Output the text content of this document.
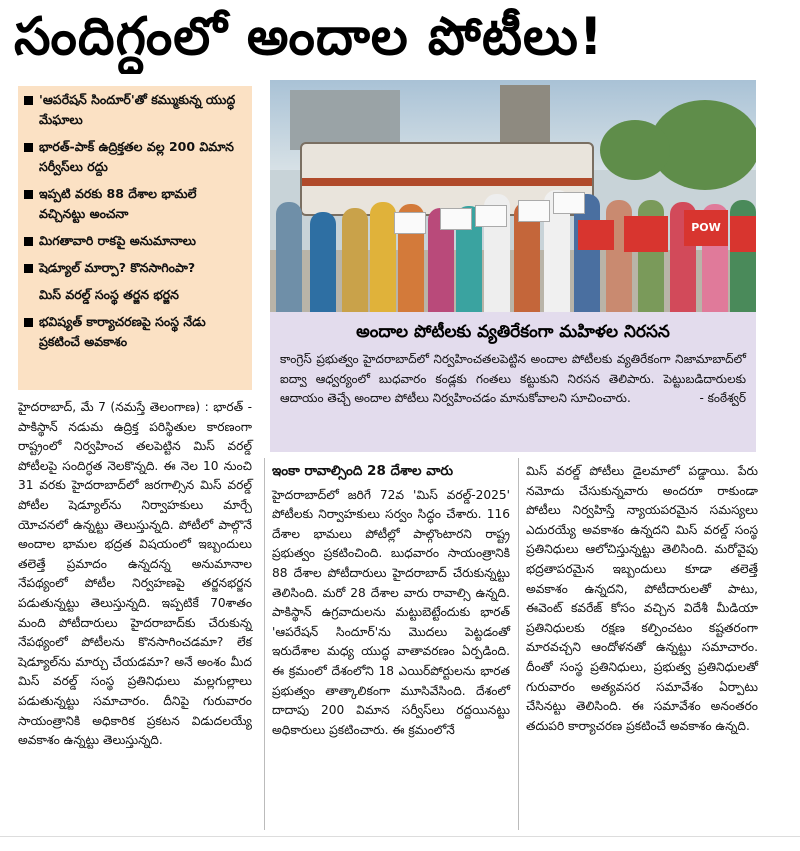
సందిగ్ధంలో అందాల పోటీలు!
'ఆపరేషన్ సిందూర్'తో కమ్ముకున్న యుద్ధ మేఘాలు
భారత్-పాక్ ఉద్రిక్తతల వల్ల 200 విమాన సర్వీస్‌లు రద్దు
ఇప్పటి వరకు 88 దేశాల భామలే వచ్చినట్టు అంచనా
మిగతావారి రాకపై అనుమానాలు
షెడ్యూల్ మార్పా? కొనసాగింపా?
మిస్ వరల్డ్ సంస్థ తర్జన భర్జన
భవిష్యత్ కార్యాచరణపై సంస్థ నేడు ప్రకటించే అవకాశం
POW
అందాల పోటీలకు వ్యతిరేకంగా మహిళల నిరసన
కాంగ్రెస్ ప్రభుత్వం హైదరాబాద్‌లో నిర్వహించతలపెట్టిన అందాల పోటీలకు వ్యతిరేకంగా నిజామాబాద్‌లో ఐద్వా ఆధ్వర్యంలో బుధవారం కండ్లకు గంతలు కట్టుకుని నిరసన తెలిపారు. పెట్టుబడిదారులకు ఆదాయం తెచ్చే అందాల పోటీలు నిర్వహించడం మానుకోవాలని సూచించారు.	- కంఠేశ్వర్

హైదరాబాద్, మే 7 (నమస్తే తెలంగాణ) : భారత్ - పాకిస్థాన్ నడుమ ఉద్రిక్త పరిస్థితుల కారణంగా రాష్ట్రంలో నిర్వహించ తలపెట్టిన మిస్ వరల్డ్ పోటీలపై సందిగ్ధత నెలకొన్నది. ఈ నెల 10 నుంచి 31 వరకు హైదరాబాద్‌లో జరగాల్సిన మిస్ వరల్డ్ పోటీల షెడ్యూల్‌ను నిర్వాహకులు మార్చే యోచనలో ఉన్నట్టు తెలుస్తున్నది. పోటీలో పాల్గొనే అందాల భామల భద్రత విషయంలో ఇబ్బందులు తలెత్తే ప్రమాదం ఉన్నదన్న అనుమానాల నేపథ్యంలో పోటీల నిర్వహణపై తర్జనభర్జన పడుతున్నట్టు తెలుస్తున్నది. ఇప్పటికే 70శాతం మంది పోటీదారులు హైదరాబాద్‌కు చేరుకున్న నేపథ్యంలో పోటీలను కొనసాగించడమా? లేక షెడ్యూల్‌ను మార్చు చేయడమా? అనే అంశం మీద మిస్ వరల్డ్ సంస్థ ప్రతినిధులు మల్లగుల్లాలు పడుతున్నట్టు సమాచారం. దీనిపై గురువారం సాయంత్రానికి అధికారిక ప్రకటన విడుదలయ్యే అవకాశం ఉన్నట్టు తెలుస్తున్నది.

ఇంకా రావాల్సింది 28 దేశాల వారు

హైదరాబాద్‌లో జరిగే 72వ 'మిస్ వరల్డ్-2025' పోటీలకు నిర్వాహకులు సర్వం సిద్ధం చేశారు. 116 దేశాల భామలు పోటీల్లో పాల్గొంటారని రాష్ట్ర ప్రభుత్వం ప్రకటించింది. బుధవారం సాయంత్రానికి 88 దేశాల పోటీదారులు హైదరాబాద్ చేరుకున్నట్టు తెలిసింది. మరో 28 దేశాల వారు రావాల్సి ఉన్నది. పాకిస్థాన్ ఉగ్రవాదులను మట్టుబెట్టేందుకు భారత్ 'ఆపరేషన్ సిందూర్'ను మొదలు పెట్టడంతో ఇరుదేశాల మధ్య యుద్ధ వాతావరణం ఏర్పడింది. ఈ క్రమంలో దేశంలోని 18 ఎయిర్‌పోర్టులను భారత ప్రభుత్వం తాత్కాలికంగా మూసివేసింది. దేశంలో దాదాపు 200 విమాన సర్వీస్‌లు రద్దయినట్టు అధికారులు ప్రకటించారు. ఈ క్రమంలోనే

మిస్ వరల్డ్ పోటీలు డైలమాలో పడ్డాయి. పేరు నమోదు చేసుకున్నవారు అందరూ రాకుండా పోటీలు నిర్వహిస్తే న్యాయపరమైన సమస్యలు ఎదురయ్యే అవకాశం ఉన్నదని మిస్ వరల్డ్ సంస్థ ప్రతినిధులు ఆలోచిస్తున్నట్టు తెలిసింది. మరోవైపు భద్రతాపరమైన ఇబ్బందులు కూడా తలెత్తే అవకాశం ఉన్నదని, పోటీదారులతో పాటు, ఈవెంట్ కవరేజ్ కోసం వచ్చిన విదేశీ మీడియా ప్రతినిధులకు రక్షణ కల్పించటం కష్టతరంగా మారవచ్చని ఆందోళనతో ఉన్నట్టు సమాచారం. దీంతో సంస్థ ప్రతినిధులు, ప్రభుత్వ ప్రతినిధులతో గురువారం అత్యవసర సమావేశం ఏర్పాటు చేసినట్టు తెలిసింది. ఈ సమావేశం అనంతరం తదుపరి కార్యాచరణ ప్రకటించే అవకాశం ఉన్నది.
